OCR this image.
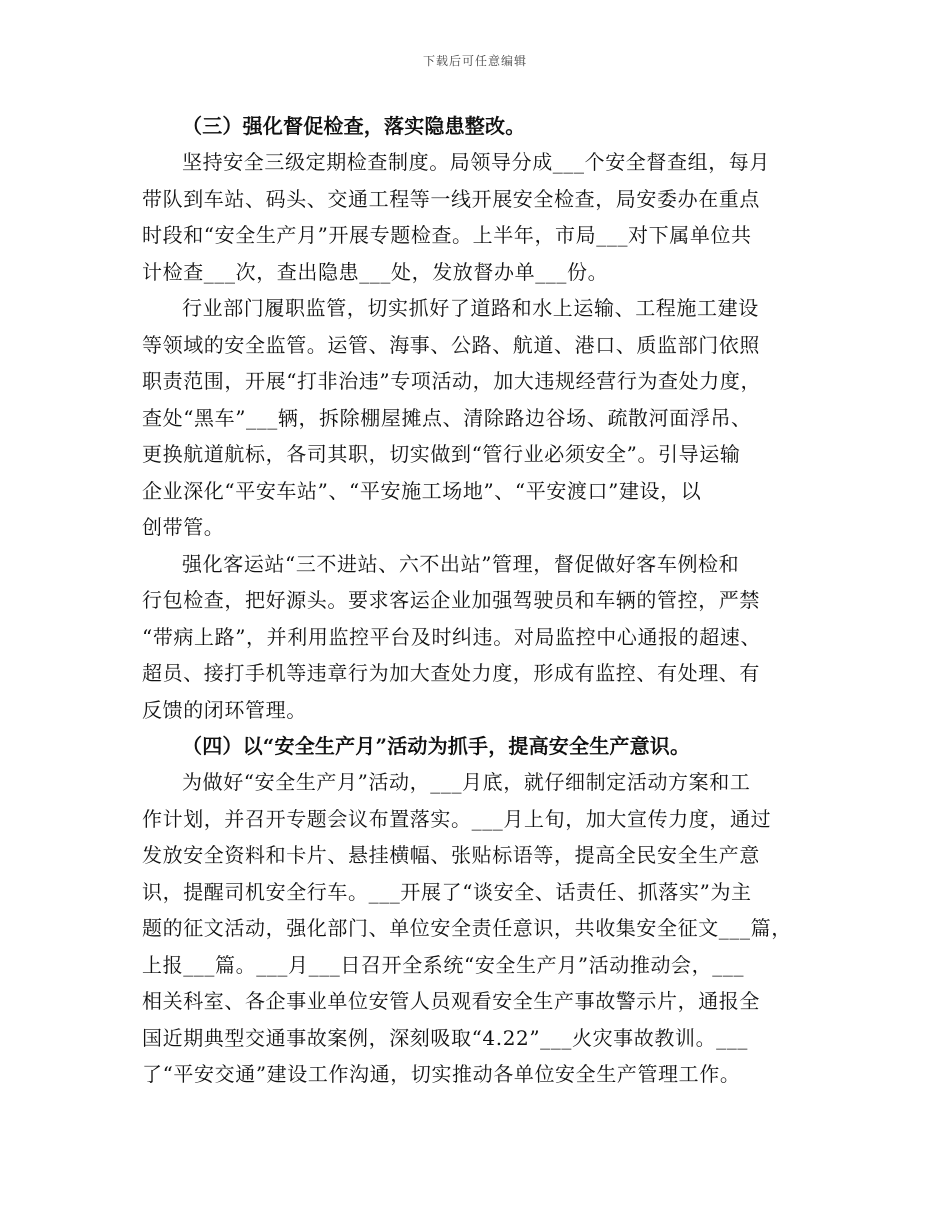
下载后可任意编辑
（三）强化督促检查，落实隐患整改。

坚持安全三级定期检查制度。局领导分成___个安全督查组，每月
带队到车站、码头、交通工程等一线开展安全检查，局安委办在重点
时段和“安全生产月”开展专题检查。上半年，市局___对下属单位共
计检查___次，查出隐患___处，发放督办单___份。

行业部门履职监管，切实抓好了道路和水上运输、工程施工建设
等领域的安全监管。运管、海事、公路、航道、港口、质监部门依照
职责范围，开展“打非治违”专项活动，加大违规经营行为查处力度，
查处“黑车”___辆，拆除棚屋摊点、清除路边谷场、疏散河面浮吊、
更换航道航标，各司其职，切实做到“管行业必须安全”。引导运输
企业深化“平安车站”、“平安施工场地”、“平安渡口”建设，以
创带管。

强化客运站“三不进站、六不出站”管理，督促做好客车例检和
行包检查，把好源头。要求客运企业加强驾驶员和车辆的管控，严禁
“带病上路”，并利用监控平台及时纠违。对局监控中心通报的超速、
超员、接打手机等违章行为加大查处力度，形成有监控、有处理、有
反馈的闭环管理。

（四）以“安全生产月”活动为抓手，提高安全生产意识。

为做好“安全生产月”活动，___月底，就仔细制定活动方案和工
作计划，并召开专题会议布置落实。___月上旬，加大宣传力度，通过
发放安全资料和卡片、悬挂横幅、张贴标语等，提高全民安全生产意
识，提醒司机安全行车。___开展了“谈安全、话责任、抓落实”为主
题的征文活动，强化部门、单位安全责任意识，共收集安全征文___篇，
上报___篇。___月___日召开全系统“安全生产月”活动推动会，___
相关科室、各企事业单位安管人员观看安全生产事故警示片，通报全
国近期典型交通事故案例，深刻吸取“4.22”___火灾事故教训。___
了“平安交通”建设工作沟通，切实推动各单位安全生产管理工作。
